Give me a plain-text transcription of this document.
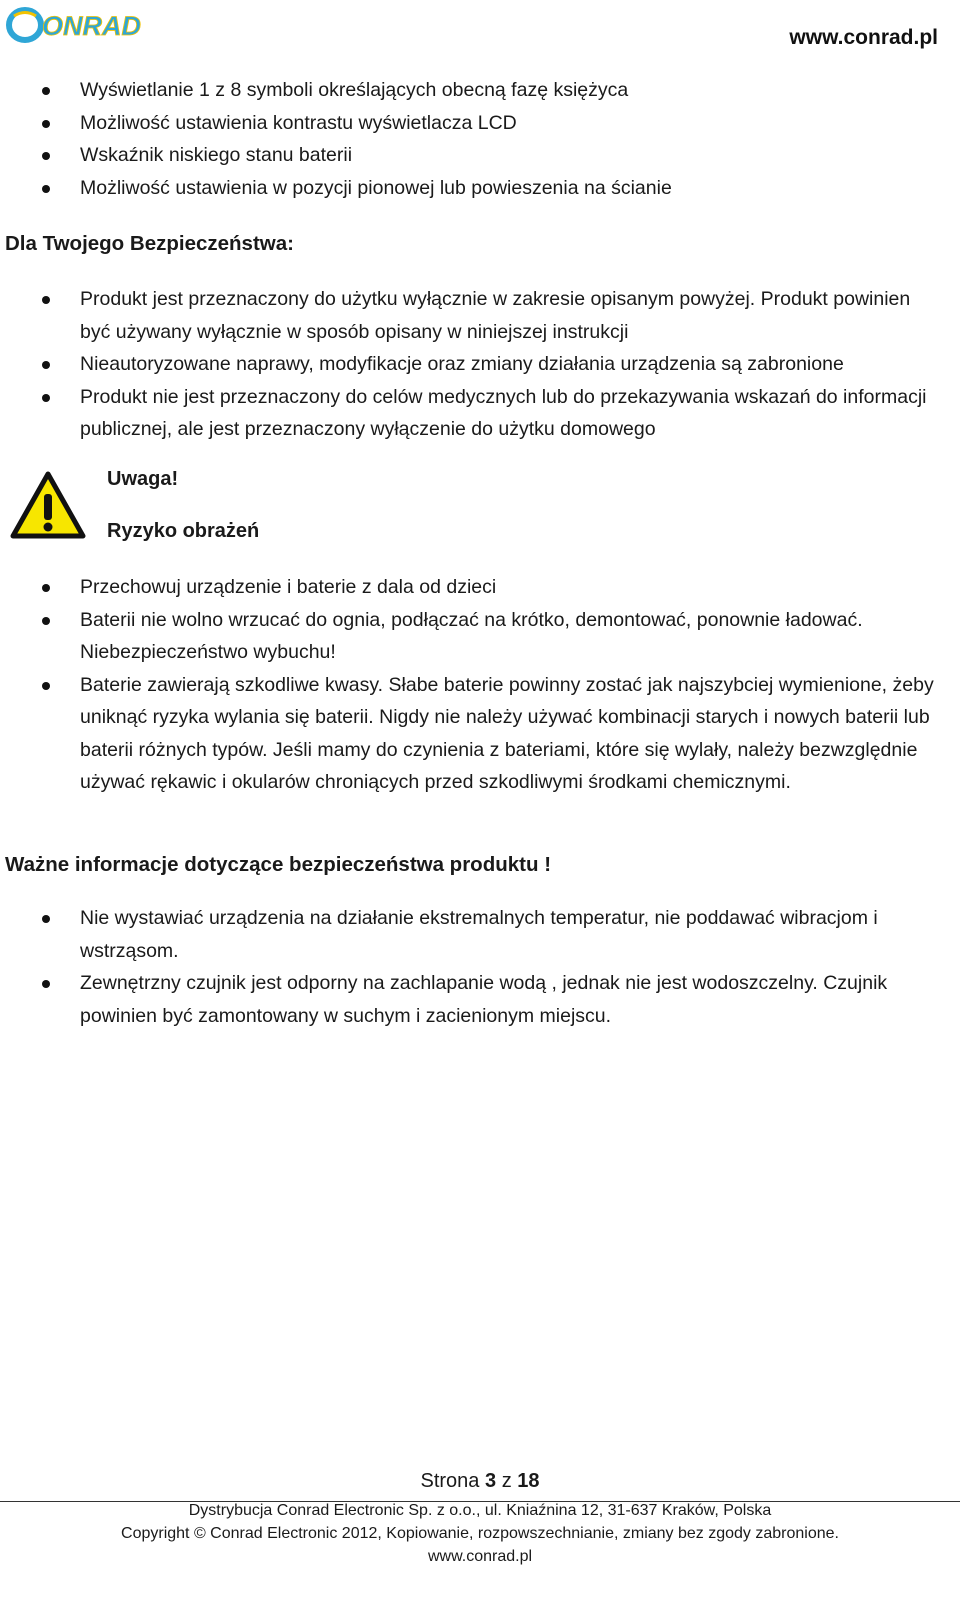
ONRAD	www.conrad.pl
Wyświetlanie 1 z 8 symboli określających obecną fazę księżyca
Możliwość ustawienia kontrastu wyświetlacza LCD
Wskaźnik niskiego stanu baterii
Możliwość ustawienia w pozycji pionowej lub powieszenia na ścianie
Dla Twojego Bezpieczeństwa:
Produkt jest przeznaczony do użytku wyłącznie w zakresie opisanym powyżej. Produkt powinien być używany wyłącznie w sposób opisany w niniejszej instrukcji
Nieautoryzowane naprawy, modyfikacje oraz zmiany działania urządzenia są zabronione
Produkt nie jest przeznaczony do celów medycznych lub do przekazywania wskazań do informacji publicznej, ale jest przeznaczony wyłączenie do użytku domowego
Uwaga!
Ryzyko obrażeń
Przechowuj urządzenie i baterie z dala od dzieci
Baterii nie wolno wrzucać do ognia, podłączać na krótko, demontować, ponownie ładować. Niebezpieczeństwo wybuchu!
Baterie zawierają szkodliwe kwasy. Słabe baterie powinny zostać jak najszybciej wymienione, żeby uniknąć ryzyka wylania się baterii. Nigdy nie należy używać kombinacji starych i nowych baterii lub baterii różnych typów. Jeśli mamy do czynienia z bateriami, które się wylały, należy bezwzględnie używać rękawic i okularów chroniących przed szkodliwymi środkami chemicznymi.
Ważne informacje dotyczące bezpieczeństwa produktu !
Nie wystawiać urządzenia na działanie ekstremalnych temperatur, nie poddawać wibracjom i wstrząsom.
Zewnętrzny czujnik jest odporny na zachlapanie wodą , jednak nie jest wodoszczelny. Czujnik powinien być zamontowany w suchym i zacienionym miejscu.
Strona 3 z 18
Dystrybucja Conrad Electronic Sp. z o.o., ul. Kniaźnina 12, 31-637 Kraków, Polska
Copyright © Conrad Electronic 2012, Kopiowanie, rozpowszechnianie, zmiany bez zgody zabronione.
www.conrad.pl
